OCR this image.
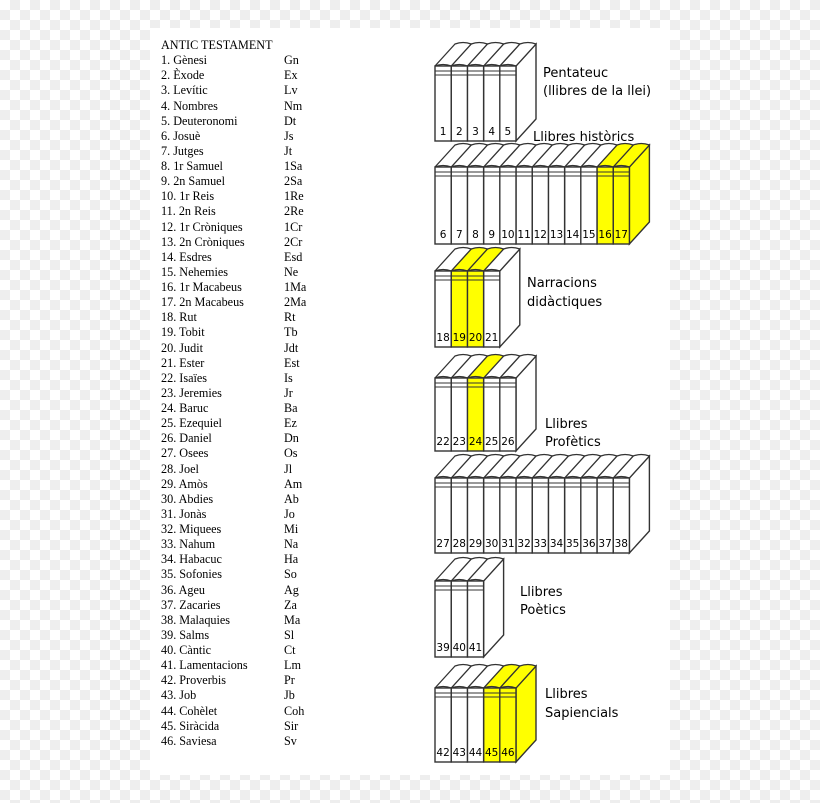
ANTIC TESTAMENT
1. Gènesi	Gn
2. Èxode	Ex
3. Levític	Lv
4. Nombres	Nm
5. Deuteronomi	Dt
6. Josuè	Js
7. Jutges	Jt
8. 1r Samuel	1Sa
9. 2n Samuel	2Sa
10. 1r Reis	1Re
11. 2n Reis	2Re
12. 1r Cròniques	1Cr
13. 2n Cròniques	2Cr
14. Esdres	Esd
15. Nehemies	Ne
16. 1r Macabeus	1Ma
17. 2n Macabeus	2Ma
18. Rut	Rt
19. Tobit	Tb
20. Judit	Jdt
21. Ester	Est
22. Isaïes	Is
23. Jeremies	Jr
24. Baruc	Ba
25. Ezequiel	Ez
26. Daniel	Dn
27. Osees	Os
28. Joel	Jl
29. Amòs	Am
30. Abdies	Ab
31. Jonàs	Jo
32. Miquees	Mi
33. Nahum	Na
34. Habacuc	Ha
35. Sofonies	So
36. Ageu	Ag
37. Zacaries	Za
38. Malaquies	Ma
39. Salms	Sl
40. Càntic	Ct
41. Lamentacions	Lm
42. Proverbis	Pr
43. Job	Jb
44. Cohèlet	Coh
45. Siràcida	Sir
46. Saviesa	Sv
5
4
3
2
1
Pentateuc
(llibres de la llei)
17
16
15
14
13
12
11
10
9
8
7
6
Llibres històrics
21
20
19
18
Narracions
didàctiques
26
25
24
23
22
Llibres
Profètics
38
37
36
35
34
33
32
31
30
29
28
27
41
40
39
Llibres
Poètics
46
45
44
43
42
Llibres
Sapiencials
